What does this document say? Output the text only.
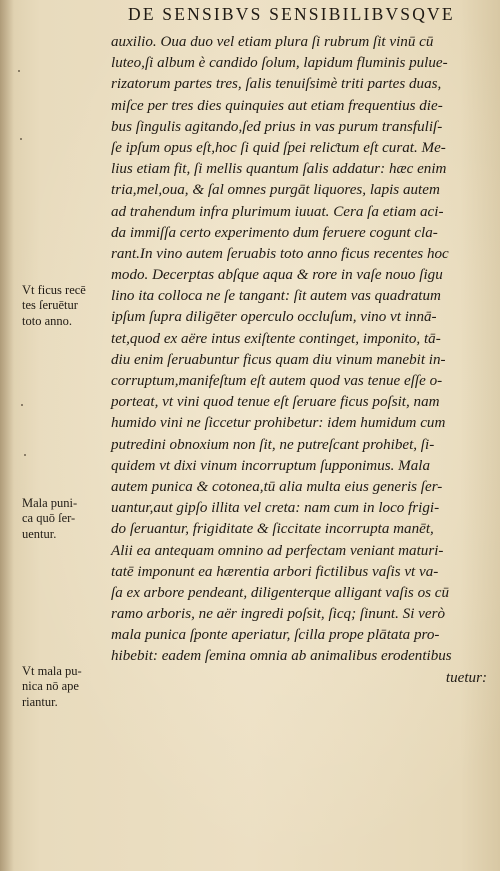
DE SENSIBVS SENSIBILIBVSQVE
auxilio. Oua duo vel etiam plura ſi rubrum ſit vinū cū
luteo,ſi album è candido ſolum, lapidum fluminis pulue-
rizatorum partes tres, ſalis tenuiſsimè triti partes duas,
miſce per tres dies quinquies aut etiam frequentius die-
bus ſingulis agitando,ſed prius in vas purum transfuliſ-
ſe ipſum opus eſt,hoc ſi quid ſpei reliƈtum eſt curat. Me-
lius etiam fit, ſi mellis quantum ſalis addatur: hæc enim
tria,mel,oua, & ſal omnes purgāt liquores, lapis autem
ad trahendum infra plurimum iuuat. Cera ſa etiam aci-
da immiſſa certo experimento dum feruere cogunt cla-
rant.In vino autem ſeruabis toto anno ficus recentes hoc
modo. Decerptas abſque aqua & rore in vaſe nouo ſigu
lino ita colloca ne ſe tangant: ſit autem vas quadratum
ipſum ſupra diligēter operculo occluſum, vino vt innā-
tet,quod ex aëre intus exiſtente continget, imponito, tā-
diu enim ſeruabuntur ficus quam diu vinum manebit in-
corruptum,manifeſtum eſt autem quod vas tenue eſſe o-
porteat, vt vini quod tenue eſt ſeruare ficus poſsit, nam
humido vini ne ſiccetur prohibetur: idem humidum cum
putredini obnoxium non ſit, ne putreſcant prohibet, ſi-
quidem vt dixi vinum incorruptum ſupponimus. Mala
autem punica & cotonea,tū alia multa eius generis ſer-
uantur,aut gipſo illita vel creta: nam cum in loco frigi-
do ſeruantur, frigiditate & ſiccitate incorrupta manēt,
Alii ea antequam omnino ad perfectam veniant maturi-
tatē imponunt ea hærentia arbori fictilibus vaſis vt va-
ſa ex arbore pendeant, diligenterque alligant vaſis os cū
ramo arboris, ne aër ingredi poſsit, ſicq; ſinunt. Si verò
mala punica ſponte aperiatur, ſcilla prope plātata pro-
hibebit: eadem ſemina omnia ab animalibus erodentibus
tuetur:
Vt ficus recē
tes ſeruētur
toto anno.
Mala puni-
ca quō ſer-
uentur.
Vt mala pu-
nica nō ape
riantur.
